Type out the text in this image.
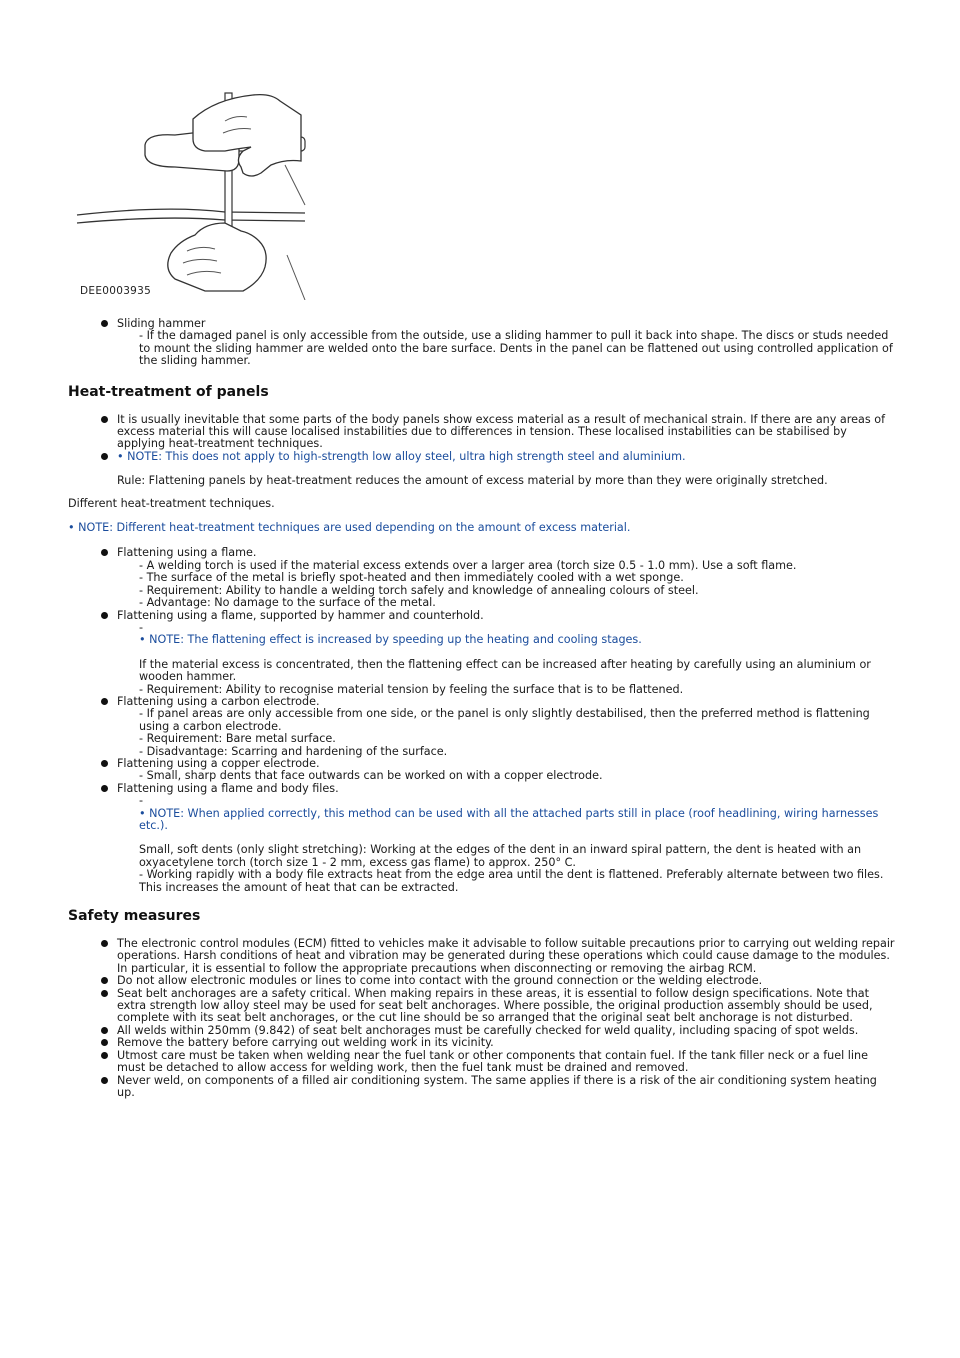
DEE0003935
Sliding hammer
- If the damaged panel is only accessible from the outside, use a sliding hammer to pull it back into shape. The discs or studs needed to mount the sliding hammer are welded onto the bare surface. Dents in the panel can be flattened out using controlled application of the sliding hammer.
Heat-treatment of panels
It is usually inevitable that some parts of the body panels show excess material as a result of mechanical strain. If there are any areas of excess material this will cause localised instabilities due to differences in tension. These localised instabilities can be stabilised by applying heat-treatment techniques.
• NOTE: This does not apply to high-strength low alloy steel, ultra high strength steel and aluminium.
Rule: Flattening panels by heat-treatment reduces the amount of excess material by more than they were originally stretched.

Different heat-treatment techniques.

• NOTE: Different heat-treatment techniques are used depending on the amount of excess material.

Flattening using a flame.
- A welding torch is used if the material excess extends over a larger area (torch size 0.5 - 1.0 mm). Use a soft flame.
- The surface of the metal is briefly spot-heated and then immediately cooled with a wet sponge.
- Requirement: Ability to handle a welding torch safely and knowledge of annealing colours of steel.
- Advantage: No damage to the surface of the metal.
Flattening using a flame, supported by hammer and counterhold.
-
• NOTE: The flattening effect is increased by speeding up the heating and cooling stages.
If the material excess is concentrated, then the flattening effect can be increased after heating by carefully using an aluminium or wooden hammer.
- Requirement: Ability to recognise material tension by feeling the surface that is to be flattened.
Flattening using a carbon electrode.
- If panel areas are only accessible from one side, or the panel is only slightly destabilised, then the preferred method is flattening using a carbon electrode.
- Requirement: Bare metal surface.
- Disadvantage: Scarring and hardening of the surface.
Flattening using a copper electrode.
- Small, sharp dents that face outwards can be worked on with a copper electrode.
Flattening using a flame and body files.
-
• NOTE: When applied correctly, this method can be used with all the attached parts still in place (roof headlining, wiring harnesses etc.).
Small, soft dents (only slight stretching): Working at the edges of the dent in an inward spiral pattern, the dent is heated with an oxyacetylene torch (torch size 1 - 2 mm, excess gas flame) to approx. 250° C.
- Working rapidly with a body file extracts heat from the edge area until the dent is flattened. Preferably alternate between two files. This increases the amount of heat that can be extracted.
Safety measures
The electronic control modules (ECM) fitted to vehicles make it advisable to follow suitable precautions prior to carrying out welding repair operations. Harsh conditions of heat and vibration may be generated during these operations which could cause damage to the modules. In particular, it is essential to follow the appropriate precautions when disconnecting or removing the airbag RCM.
Do not allow electronic modules or lines to come into contact with the ground connection or the welding electrode.
Seat belt anchorages are a safety critical. When making repairs in these areas, it is essential to follow design specifications. Note that extra strength low alloy steel may be used for seat belt anchorages. Where possible, the original production assembly should be used, complete with its seat belt anchorages, or the cut line should be so arranged that the original seat belt anchorage is not disturbed.
All welds within 250mm (9.842) of seat belt anchorages must be carefully checked for weld quality, including spacing of spot welds.
Remove the battery before carrying out welding work in its vicinity.
Utmost care must be taken when welding near the fuel tank or other components that contain fuel. If the tank filler neck or a fuel line must be detached to allow access for welding work, then the fuel tank must be drained and removed.
Never weld, on components of a filled air conditioning system. The same applies if there is a risk of the air conditioning system heating up.
